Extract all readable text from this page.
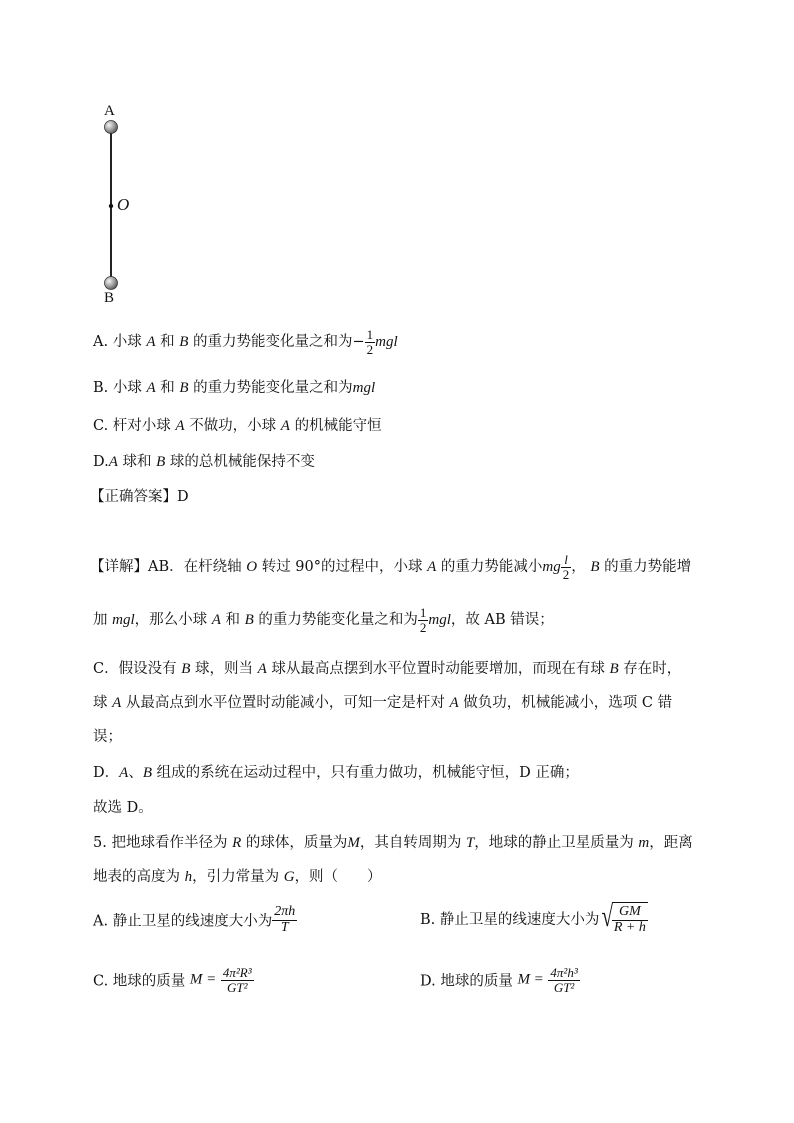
A
O
B
A. 小球 A 和 B 的重力势能变化量之和为− $\frac{1}{2}$ mgl
B. 小球 A 和 B 的重力势能变化量之和为mgl
C. 杆对小球 A 不做功，小球 A 的机械能守恒
D.A 球和 B 球的总机械能保持不变
【正确答案】D
【详解】AB．在杆绕轴 O 转过 90°的过程中，小球 A 的重力势能减小mg $\frac{l}{2}$ ， B 的重力势能增
加 mgl，那么小球 A 和 B 的重力势能变化量之和为 $\frac{1}{2}$ mgl，故 AB 错误；
C．假设没有 B 球，则当 A 球从最高点摆到水平位置时动能要增加，而现在有球 B 存在时，
球 A 从最高点到水平位置时动能减小，可知一定是杆对 A 做负功，机械能减小，选项 C 错
误；
D．A、B 组成的系统在运动过程中，只有重力做功，机械能守恒，D 正确；
故选 D。
5. 把地球看作半径为 R 的球体，质量为M，其自转周期为 T，地球的静止卫星质量为 m，距离
地表的高度为 h，引力常量为 G，则（　　）
A. 静止卫星的线速度大小为 $\frac{2\pi h}{T}$	B. 静止卫星的线速度大小为 √
$\frac{GM}{R + h}$
C. 地球的质量 $M = \frac{\text{4π²R³}}{\text{GT²}}$	D. 地球的质量 $M = \frac{\text{4π²h³}}{\text{GT²}}$
